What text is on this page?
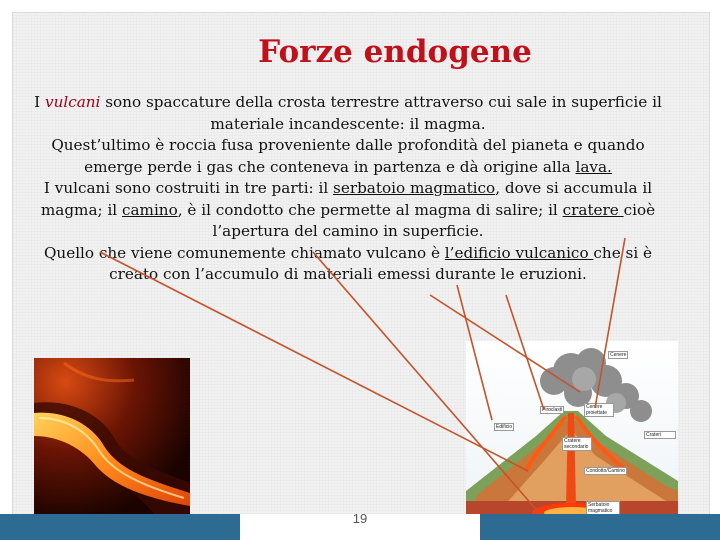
Forze endogene

I vulcani sono spaccature della crosta terrestre attraverso cui sale in superficie il materiale incandescente: il magma.

Quest’ultimo è roccia fusa proveniente dalle profondità del pianeta e quando emerge perde i gas che conteneva in partenza e dà origine alla lava.

I vulcani sono costruiti in tre parti: il serbatoio magmatico, dove si accumula il magma; il camino, è il condotto che permette al magma di salire; il cratere cioè l’apertura del camino in superficie.

Quello che viene comunemente chiamato vulcano è l’edificio vulcanico che si è creato con l’accumulo di materiali emessi durante le eruzioni.

Cenere proiettate
Cenere
Crateri
Piroclasti
Edificio
Cratere secondario
Condotto/Camino
Serbatoio magmatico
19
